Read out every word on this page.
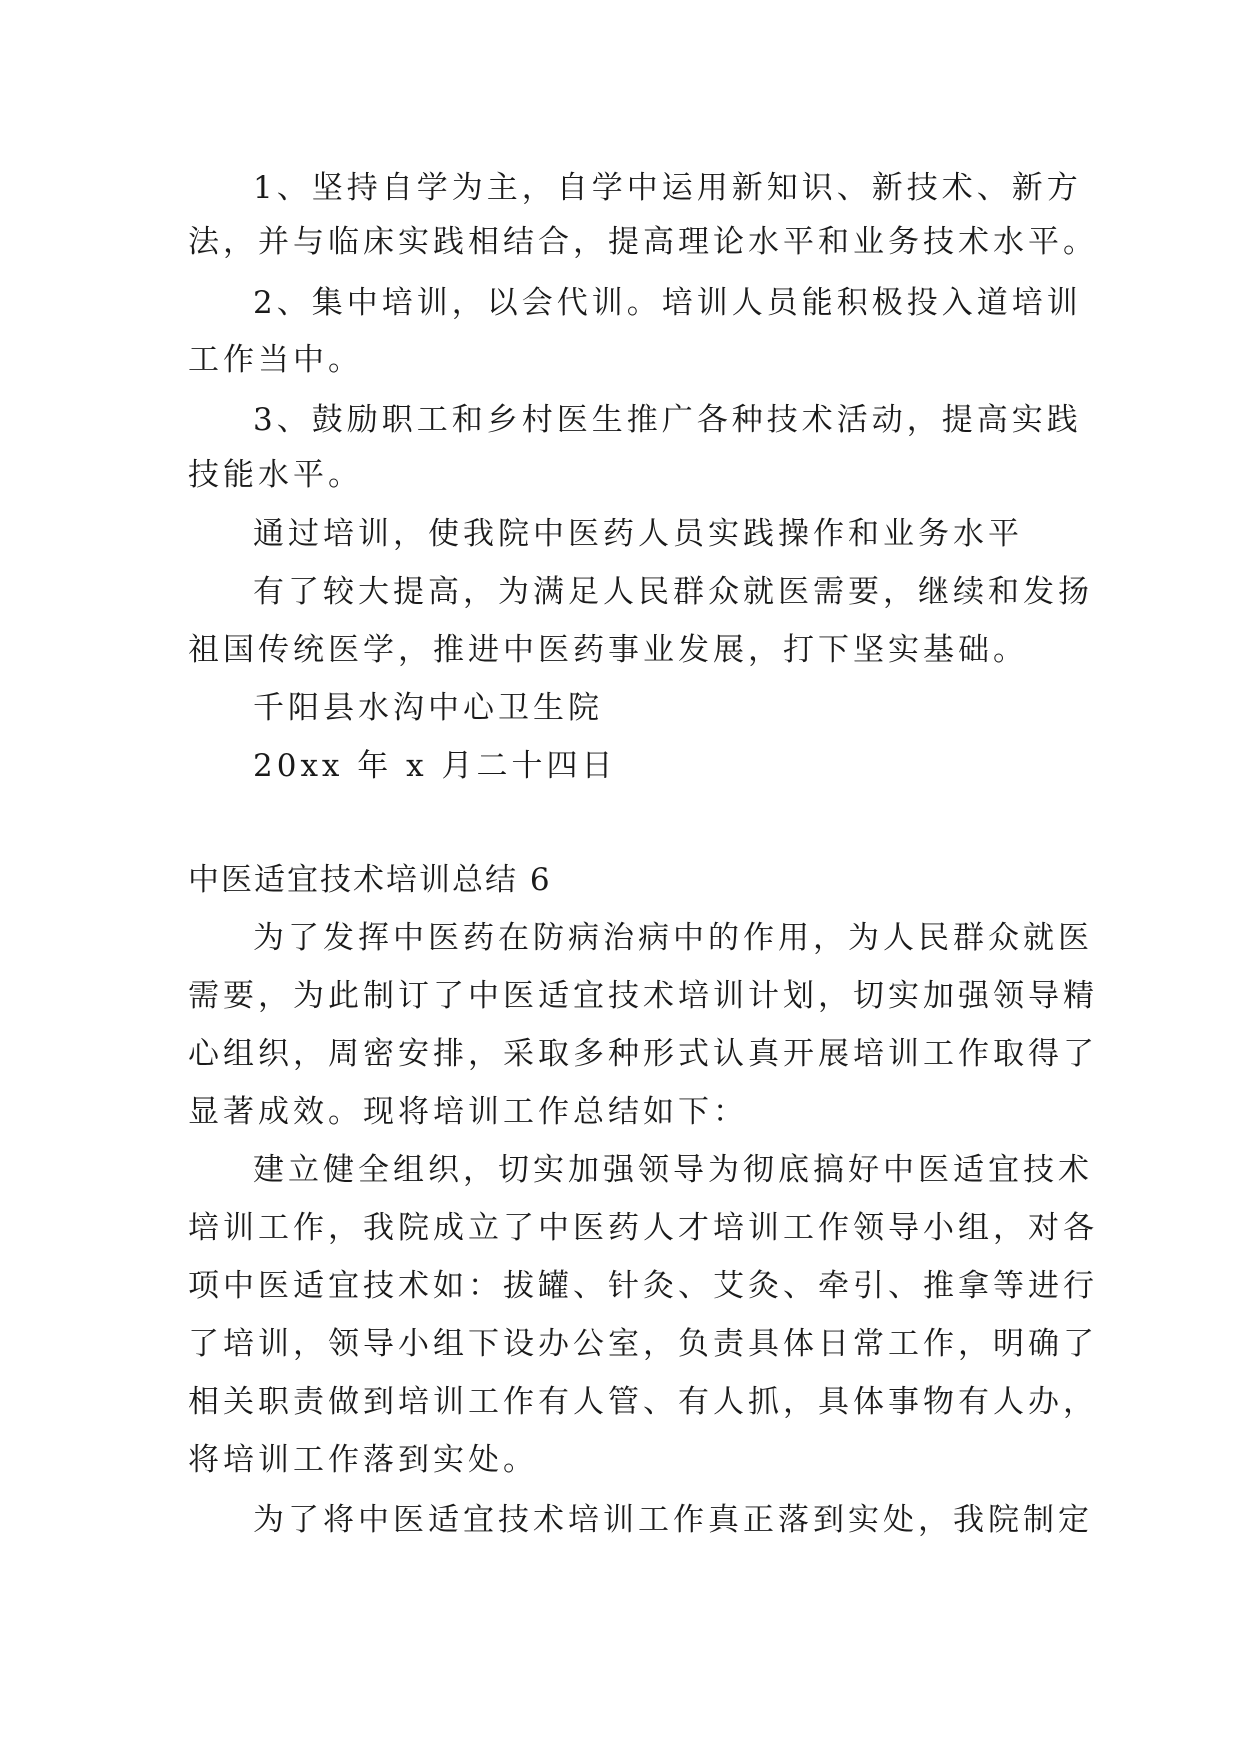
1、坚持自学为主，自学中运用新知识、新技术、新方
法，并与临床实践相结合，提高理论水平和业务技术水平。
2、集中培训，以会代训。培训人员能积极投入道培训
工作当中。
3、鼓励职工和乡村医生推广各种技术活动，提高实践
技能水平。
通过培训，使我院中医药人员实践操作和业务水平
有了较大提高，为满足人民群众就医需要，继续和发扬
祖国传统医学，推进中医药事业发展，打下坚实基础。
千阳县水沟中心卫生院
20xx 年 x 月二十四日
中医适宜技术培训总结 6
为了发挥中医药在防病治病中的作用，为人民群众就医
需要，为此制订了中医适宜技术培训计划，切实加强领导精
心组织，周密安排，采取多种形式认真开展培训工作取得了
显著成效。现将培训工作总结如下：
建立健全组织，切实加强领导为彻底搞好中医适宜技术
培训工作，我院成立了中医药人才培训工作领导小组，对各
项中医适宜技术如：拔罐、针灸、艾灸、牵引、推拿等进行
了培训，领导小组下设办公室，负责具体日常工作，明确了
相关职责做到培训工作有人管、有人抓，具体事物有人办，
将培训工作落到实处。
为了将中医适宜技术培训工作真正落到实处，我院制定
